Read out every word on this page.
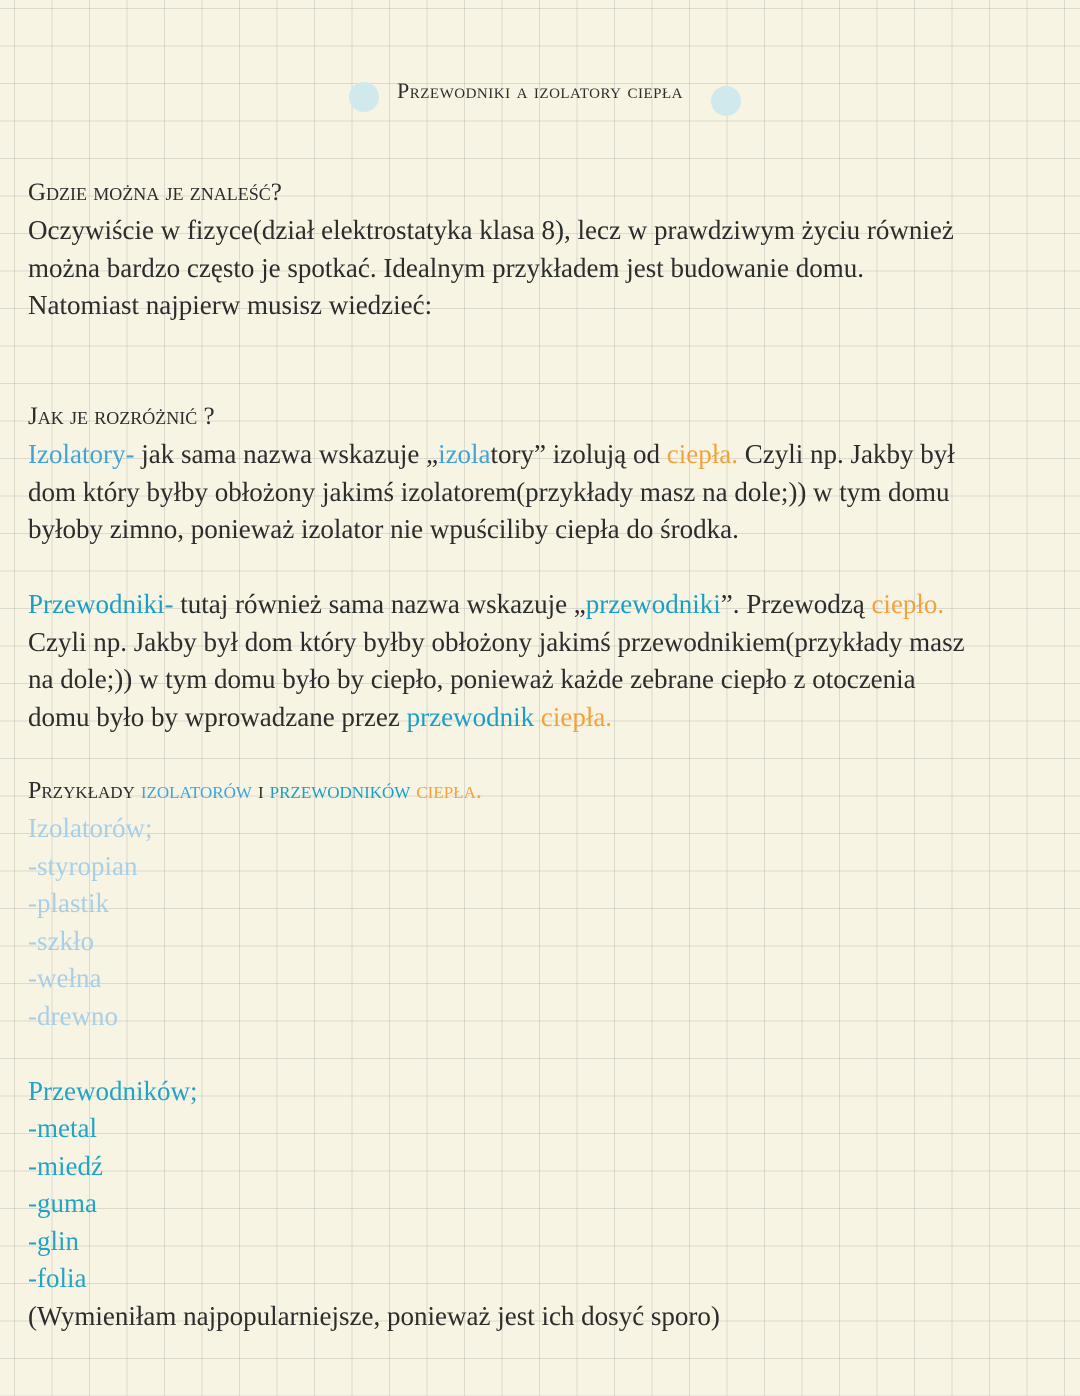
Przewodniki a izolatory ciepła
Gdzie można je znaleść?
Oczywiście w fizyce(dział elektrostatyka klasa 8), lecz w prawdziwym życiu również
można bardzo często je spotkać. Idealnym przykładem jest budowanie domu.
Natomiast najpierw musisz wiedzieć:
Jak je rozróżnić ?
Izolatory- jak sama nazwa wskazuje „izolatory” izolują od ciepła. Czyli np. Jakby był
dom który byłby obłożony jakimś izolatorem(przykłady masz na dole;)) w tym domu
byłoby zimno, ponieważ izolator nie wpuściliby ciepła do środka.
Przewodniki- tutaj również sama nazwa wskazuje „przewodniki”. Przewodzą ciepło.
Czyli np. Jakby był dom który byłby obłożony jakimś przewodnikiem(przykłady masz
na dole;)) w tym domu było by ciepło, ponieważ każde zebrane ciepło z otoczenia
domu było by wprowadzane przez przewodnik ciepła.
Przykłady izolatorów i przewodników ciepła.
Izolatorów;
-styropian
-plastik
-szkło
-wełna
-drewno
Przewodników;
-metal
-miedź
-guma
-glin
-folia
(Wymieniłam najpopularniejsze, ponieważ jest ich dosyć sporo)
